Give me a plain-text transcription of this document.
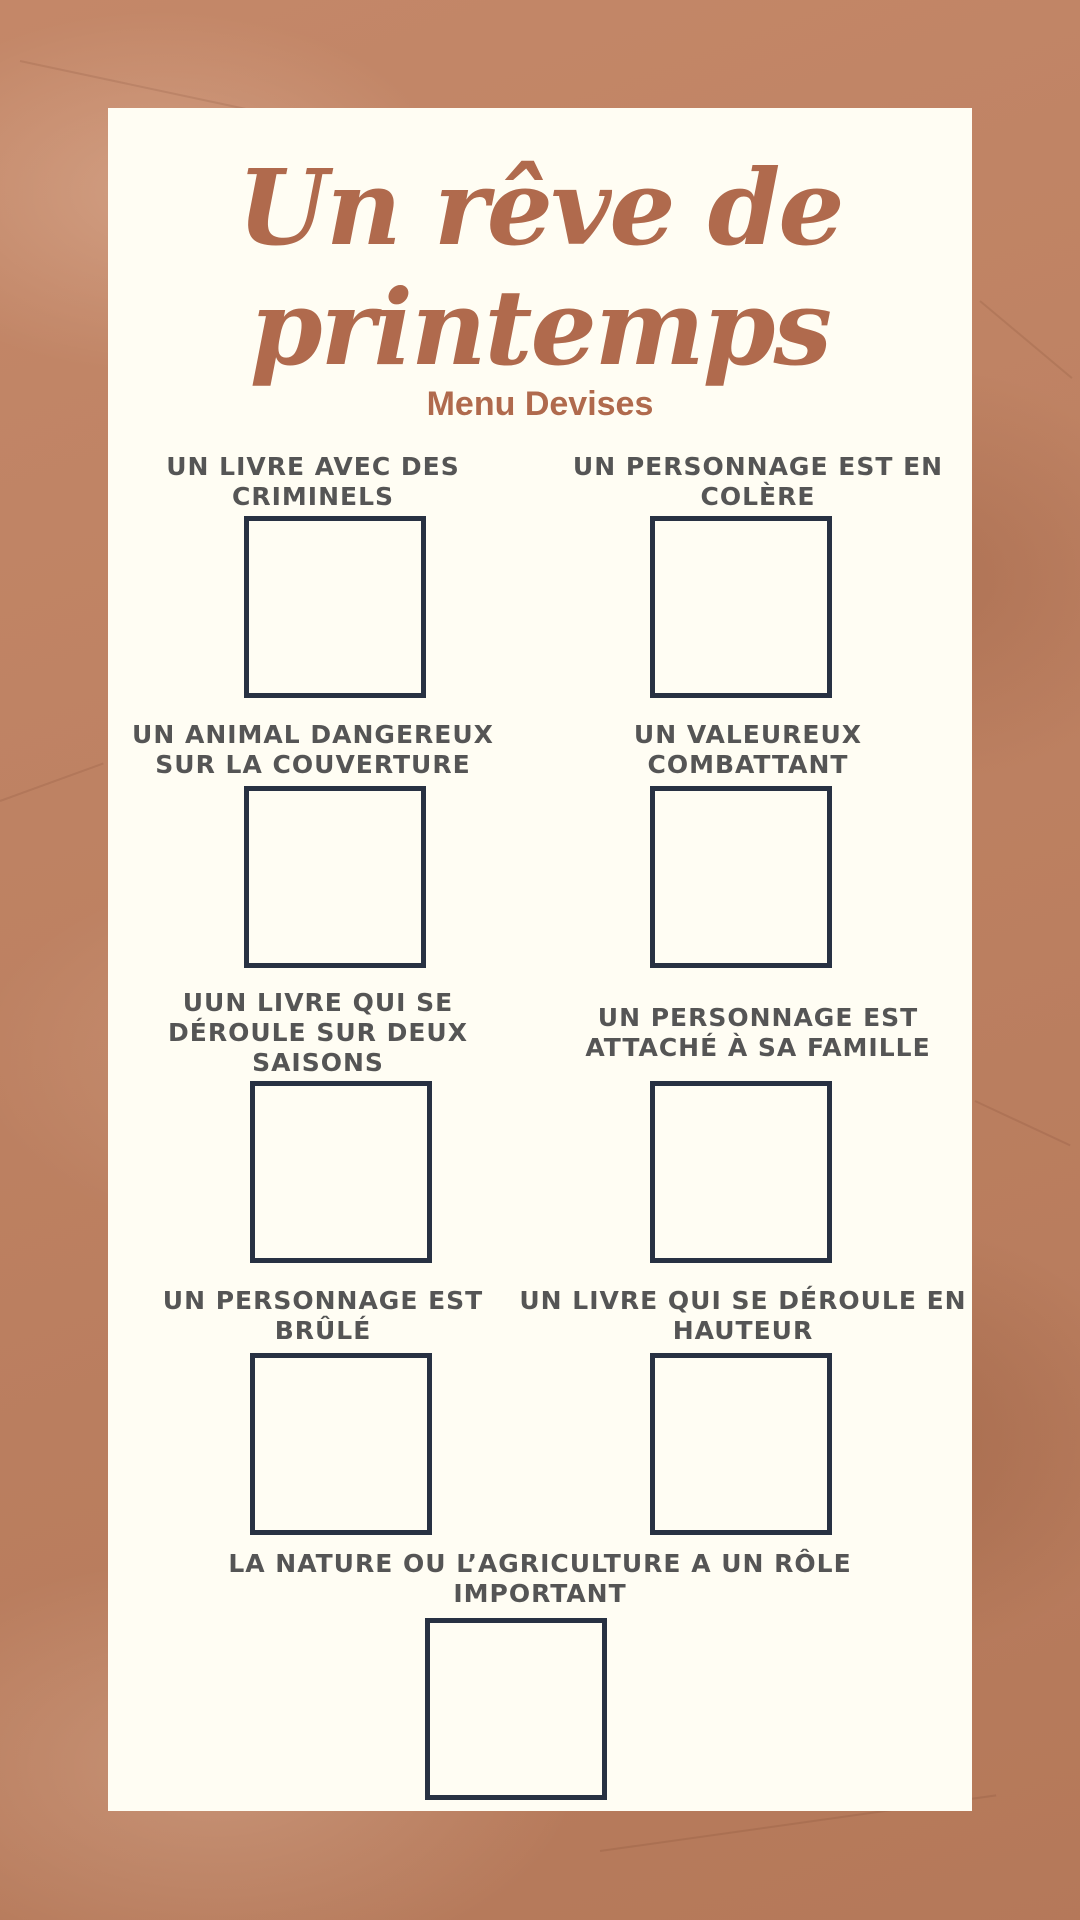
Un rêve de
printemps
Menu Devises
UN LIVRE AVEC DES
CRIMINELS
UN PERSONNAGE EST EN
COLÈRE
UN ANIMAL DANGEREUX
SUR LA COUVERTURE
UN VALEUREUX
COMBATTANT
UUN LIVRE QUI SE
DÉROULE SUR DEUX
SAISONS
UN PERSONNAGE EST
ATTACHÉ À SA FAMILLE
UN PERSONNAGE EST
BRÛLÉ
UN LIVRE QUI SE DÉROULE EN
HAUTEUR
LA NATURE OU L’AGRICULTURE A UN RÔLE
IMPORTANT
